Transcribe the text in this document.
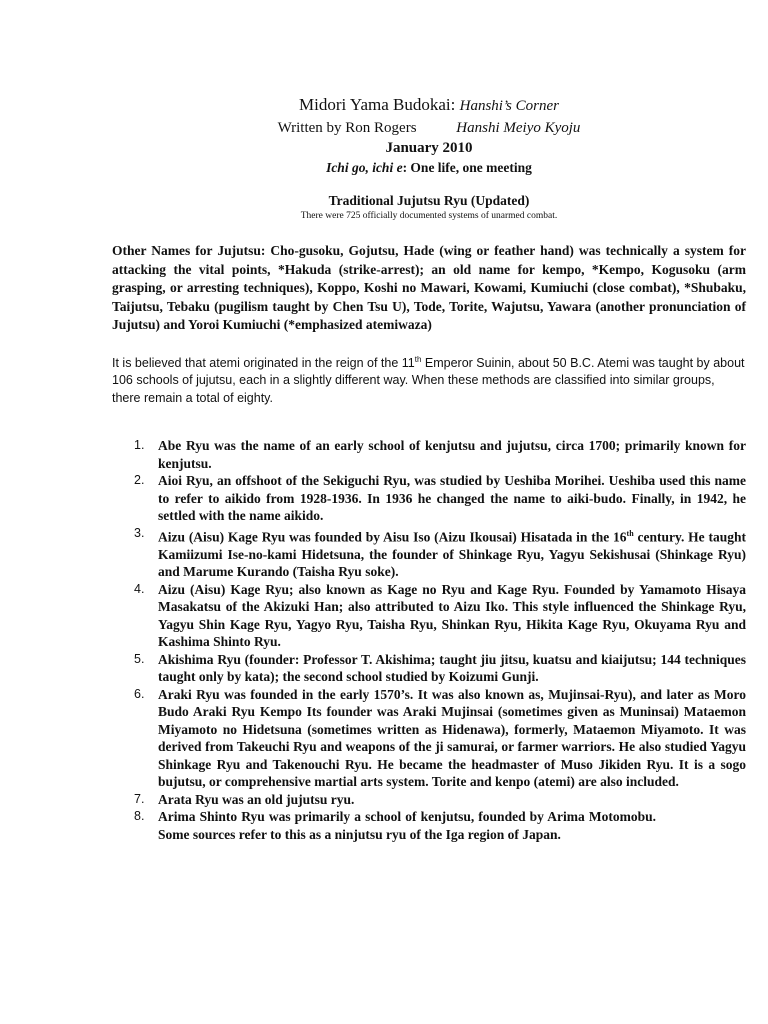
Midori Yama Budokai: Hanshi’s Corner

Written by Ron Rogers	Hanshi Meiyo Kyoju

January 2010

Ichi go, ichi e: One life, one meeting

Traditional Jujutsu Ryu (Updated)

There were 725 officially documented systems of unarmed combat.

Other Names for Jujutsu: Cho-gusoku, Gojutsu, Hade (wing or feather hand) was technically a system for attacking the vital points, *Hakuda (strike-arrest); an old name for kempo, *Kempo, Kogusoku (arm grasping, or arresting techniques), Koppo, Koshi no Mawari, Kowami, Kumiuchi (close combat), *Shubaku, Taijutsu, Tebaku (pugilism taught by Chen Tsu U), Tode, Torite, Wajutsu, Yawara (another pronunciation of Jujutsu) and Yoroi Kumiuchi (*emphasized atemiwaza)

It is believed that atemi originated in the reign of the 11th Emperor Suinin, about 50 B.C. Atemi was taught by about 106 schools of jujutsu, each in a slightly different way. When these methods are classified into similar groups, there remain a total of eighty.

1. Abe Ryu was the name of an early school of kenjutsu and jujutsu, circa 1700; primarily known for kenjutsu.
2. Aioi Ryu, an offshoot of the Sekiguchi Ryu, was studied by Ueshiba Morihei. Ueshiba used this name to refer to aikido from 1928-1936. In 1936 he changed the name to aiki-budo. Finally, in 1942, he settled with the name aikido.
3. Aizu (Aisu) Kage Ryu was founded by Aisu Iso (Aizu Ikousai) Hisatada in the 16th century. He taught Kamiizumi Ise-no-kami Hidetsuna, the founder of Shinkage Ryu, Yagyu Sekishusai (Shinkage Ryu) and Marume Kurando (Taisha Ryu soke).
4. Aizu (Aisu) Kage Ryu; also known as Kage no Ryu and Kage Ryu. Founded by Yamamoto Hisaya Masakatsu of the Akizuki Han; also attributed to Aizu Iko. This style influenced the Shinkage Ryu, Yagyu Shin Kage Ryu, Yagyo Ryu, Taisha Ryu, Shinkan Ryu, Hikita Kage Ryu, Okuyama Ryu and Kashima Shinto Ryu.
5. Akishima Ryu (founder: Professor T. Akishima; taught jiu jitsu, kuatsu and kiaijutsu; 144 techniques taught only by kata); the second school studied by Koizumi Gunji.
6. Araki Ryu was founded in the early 1570’s. It was also known as, Mujinsai-Ryu), and later as Moro Budo Araki Ryu Kempo Its founder was Araki Mujinsai (sometimes given as Muninsai) Mataemon Miyamoto no Hidetsuna (sometimes written as Hidenawa), formerly, Mataemon Miyamoto. It was derived from Takeuchi Ryu and weapons of the ji samurai, or farmer warriors. He also studied Yagyu Shinkage Ryu and Takenouchi Ryu. He became the headmaster of Muso Jikiden Ryu. It is a sogo bujutsu, or comprehensive martial arts system. Torite and kenpo (atemi) are also included.
7. Arata Ryu was an old jujutsu ryu.
8. Arima Shinto Ryu was primarily a school of kenjutsu, founded by Arima Motomobu. Some sources refer to this as a ninjutsu ryu of the Iga region of Japan.
